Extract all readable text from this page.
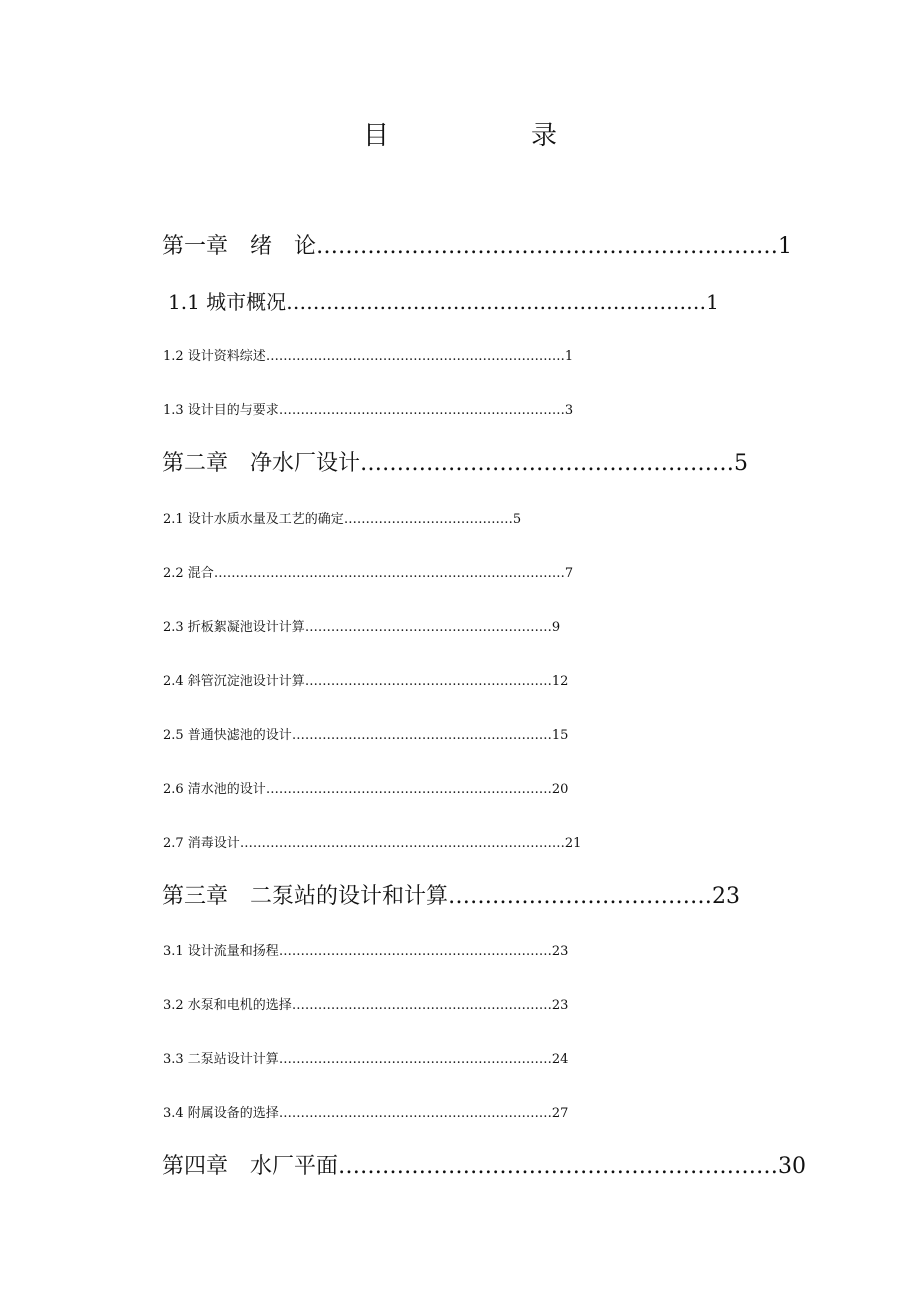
目　　录
第一章　绪　论………………………………………………………1
1.1 城市概况………………………………………………………1
1.2 设计资料综述……………………………………………………………1
1.3 设计目的与要求…………………………………………………………3
第二章　净水厂设计……………………………………………5
2.1 设计水质水量及工艺的确定…………………………………5
2.2 混合………………………………………………………………………7
2.3 折板絮凝池设计计算…………………………………………………9
2.4 斜管沉淀池设计计算…………………………………………………12
2.5 普通快滤池的设计……………………………………………………15
2.6 清水池的设计…………………………………………………………20
2.7 消毒设计…………………………………………………………………21
第三章　二泵站的设计和计算………………………………23
3.1 设计流量和扬程………………………………………………………23
3.2 水泵和电机的选择……………………………………………………23
3.3 二泵站设计计算………………………………………………………24
3.4 附属设备的选择………………………………………………………27
第四章　水厂平面……………………………………………………30
